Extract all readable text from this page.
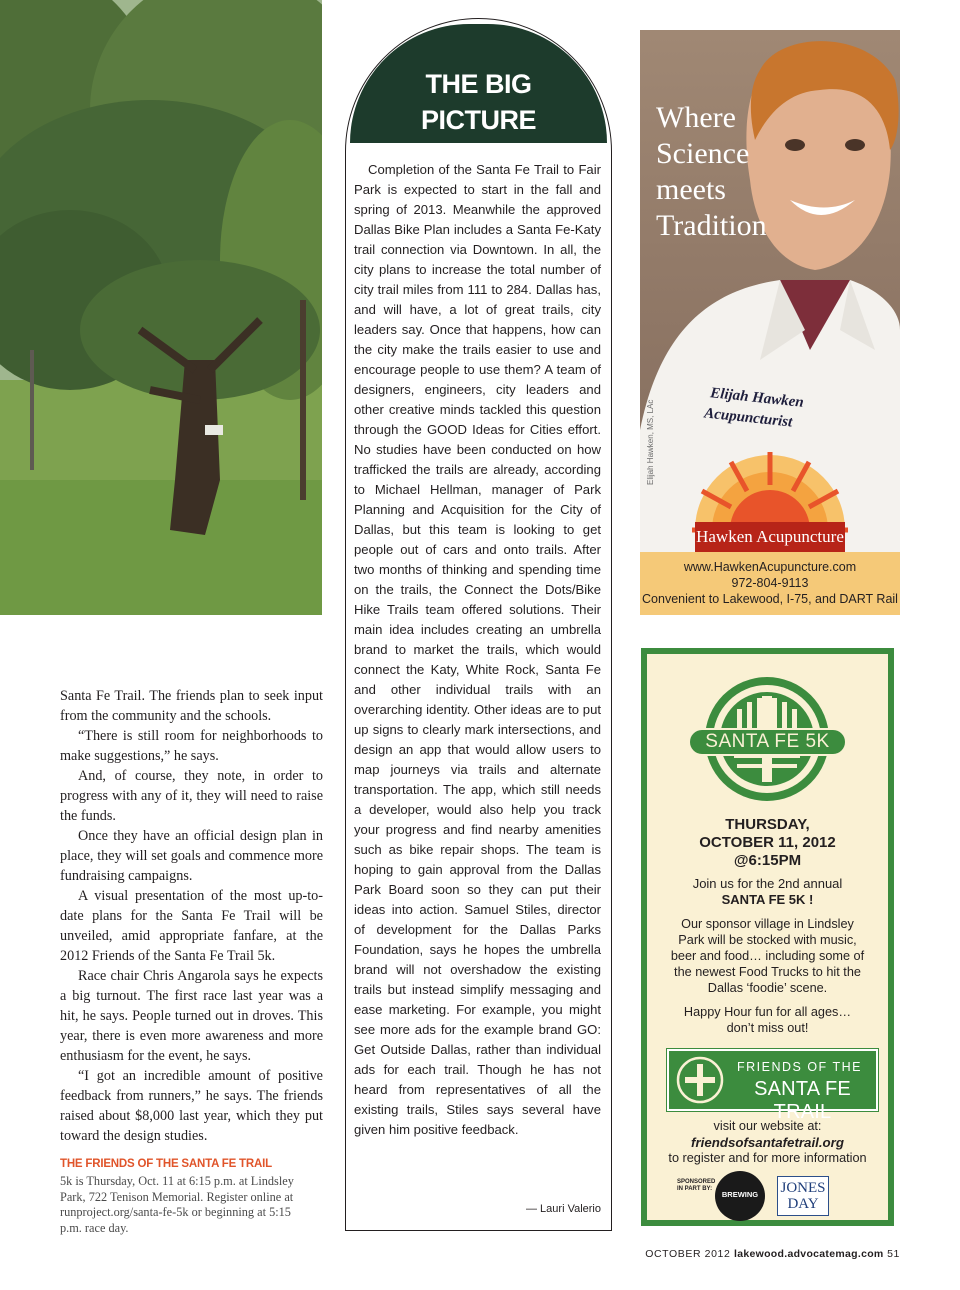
Santa Fe Trail. The friends plan to seek input from the community and the schools.

“There is still room for neighborhoods to make suggestions,” he says.

And, of course, they note, in order to progress with any of it, they will need to raise the funds.

Once they have an official design plan in place, they will set goals and commence more fundraising campaigns.

A visual presentation of the most up-to-date plans for the Santa Fe Trail will be unveiled, amid appropriate fanfare, at the 2012 Friends of the Santa Fe Trail 5k.

Race chair Chris Angarola says he expects a big turnout. The first race last year was a hit, he says. People turned out in droves. This year, there is even more awareness and more enthusiasm for the event, he says.

“I got an incredible amount of positive feedback from runners,” he says. The friends raised about $8,000 last year, which they put toward the design studies.

THE FRIENDS OF THE SANTA FE TRAIL
5k is Thursday, Oct. 11 at 6:15 p.m. at Lindsley Park, 722 Tenison Memorial. Register online at runproject.org/santa-fe-5k or beginning at 5:15 p.m. race day.
THE BIG
PICTURE

Completion of the Santa Fe Trail to Fair Park is expected to start in the fall and spring of 2013. Meanwhile the approved Dallas Bike Plan includes a Santa Fe-Katy trail connection via Downtown. In all, the city plans to increase the total number of city trail miles from 111 to 284. Dallas has, and will have, a lot of great trails, city leaders say. Once that happens, how can the city make the trails easier to use and encourage people to use them? A team of designers, engineers, city leaders and other creative minds tackled this question through the GOOD Ideas for Cities effort. No studies have been conducted on how trafficked the trails are already, according to Michael Hellman, manager of Park Planning and Acquisition for the City of Dallas, but this team is looking to get people out of cars and onto trails. After two months of thinking and spending time on the trails, the Connect the Dots/Bike Hike Trails team offered solutions. Their main idea includes creating an umbrella brand to market the trails, which would connect the Katy, White Rock, Santa Fe and other individual trails with an overarching identity. Other ideas are to put up signs to clearly mark intersections, and design an app that would allow users to map journeys via trails and alternate transportation. The app, which still needs a developer, would also help you track your progress and find nearby amenities such as bike repair shops. The team is hoping to gain approval from the Dallas Park Board soon so they can put their ideas into action. Samuel Stiles, director of development for the Dallas Parks Foundation, says he hopes the umbrella brand will not overshadow the existing trails but instead simplify messaging and ease marketing. For example, you might see more ads for the example brand GO: Get Outside Dallas, rather than individual ads for each trail. Though he has not heard from representatives of all the existing trails, Stiles says several have given him positive feedback.

— Lauri Valerio
Where
Science
meets
Tradition
Elijah Hawken
Acupuncturist
Elijah Hawken, MS, LAc
Hawken Acupuncture
www.HawkenAcupuncture.com
972-804-9113
Convenient to Lakewood, I-75, and DART Rail
SANTA FE 5K
THURSDAY,
OCTOBER 11, 2012
@6:15PM
Join us for the 2nd annual
SANTA FE 5K !
Our sponsor village in Lindsley Park will be stocked with music, beer and food… including some of the newest Food Trucks to hit the Dallas ‘foodie’ scene.
Happy Hour fun for all ages… don’t miss out!
FRIENDS OF THE
SANTA FE TRAIL
visit our website at:
friendsofsantafetrail.org
to register and for more information
SPONSORED IN PART BY:
BREWING	JONES DAY
OCTOBER 2012 lakewood.advocatemag.com 51
